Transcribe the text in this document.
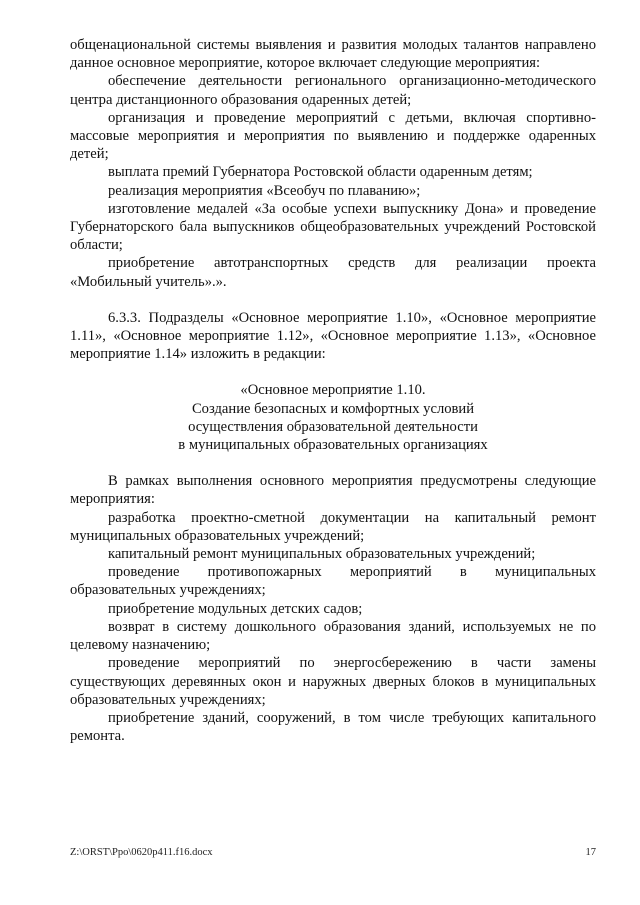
общенациональной системы выявления и развития молодых талантов направлено данное основное мероприятие, которое включает следующие мероприятия:

обеспечение деятельности регионального организационно-методического центра дистанционного образования одаренных детей;

организация и проведение мероприятий с детьми, включая спортивно-массовые мероприятия и мероприятия по выявлению и поддержке одаренных детей;

выплата премий Губернатора Ростовской области одаренным детям;

реализация мероприятия «Всеобуч по плаванию»;

изготовление медалей «За особые успехи выпускнику Дона» и проведение Губернаторского бала выпускников общеобразовательных учреждений Ростовской области;

приобретение автотранспортных средств для реализации проекта «Мобильный учитель».».

6.3.3. Подразделы «Основное мероприятие 1.10», «Основное мероприятие 1.11», «Основное мероприятие 1.12», «Основное мероприятие 1.13», «Основное мероприятие 1.14» изложить в редакции:

«Основное мероприятие 1.10.

Создание безопасных и комфортных условий

осуществления образовательной деятельности

в муниципальных образовательных организациях

В рамках выполнения основного мероприятия предусмотрены следующие мероприятия:

разработка проектно-сметной документации на капитальный ремонт муниципальных образовательных учреждений;

капитальный ремонт муниципальных образовательных учреждений;

проведение противопожарных мероприятий в муниципальных образовательных учреждениях;

приобретение модульных детских садов;

возврат в систему дошкольного образования зданий, используемых не по целевому назначению;

проведение мероприятий по энергосбережению в части замены существующих деревянных окон и наружных дверных блоков в муниципальных образовательных учреждениях;

приобретение зданий, сооружений, в том числе требующих капитального ремонта.

Z:\ORST\Ppo\0620p411.f16.docx	17
